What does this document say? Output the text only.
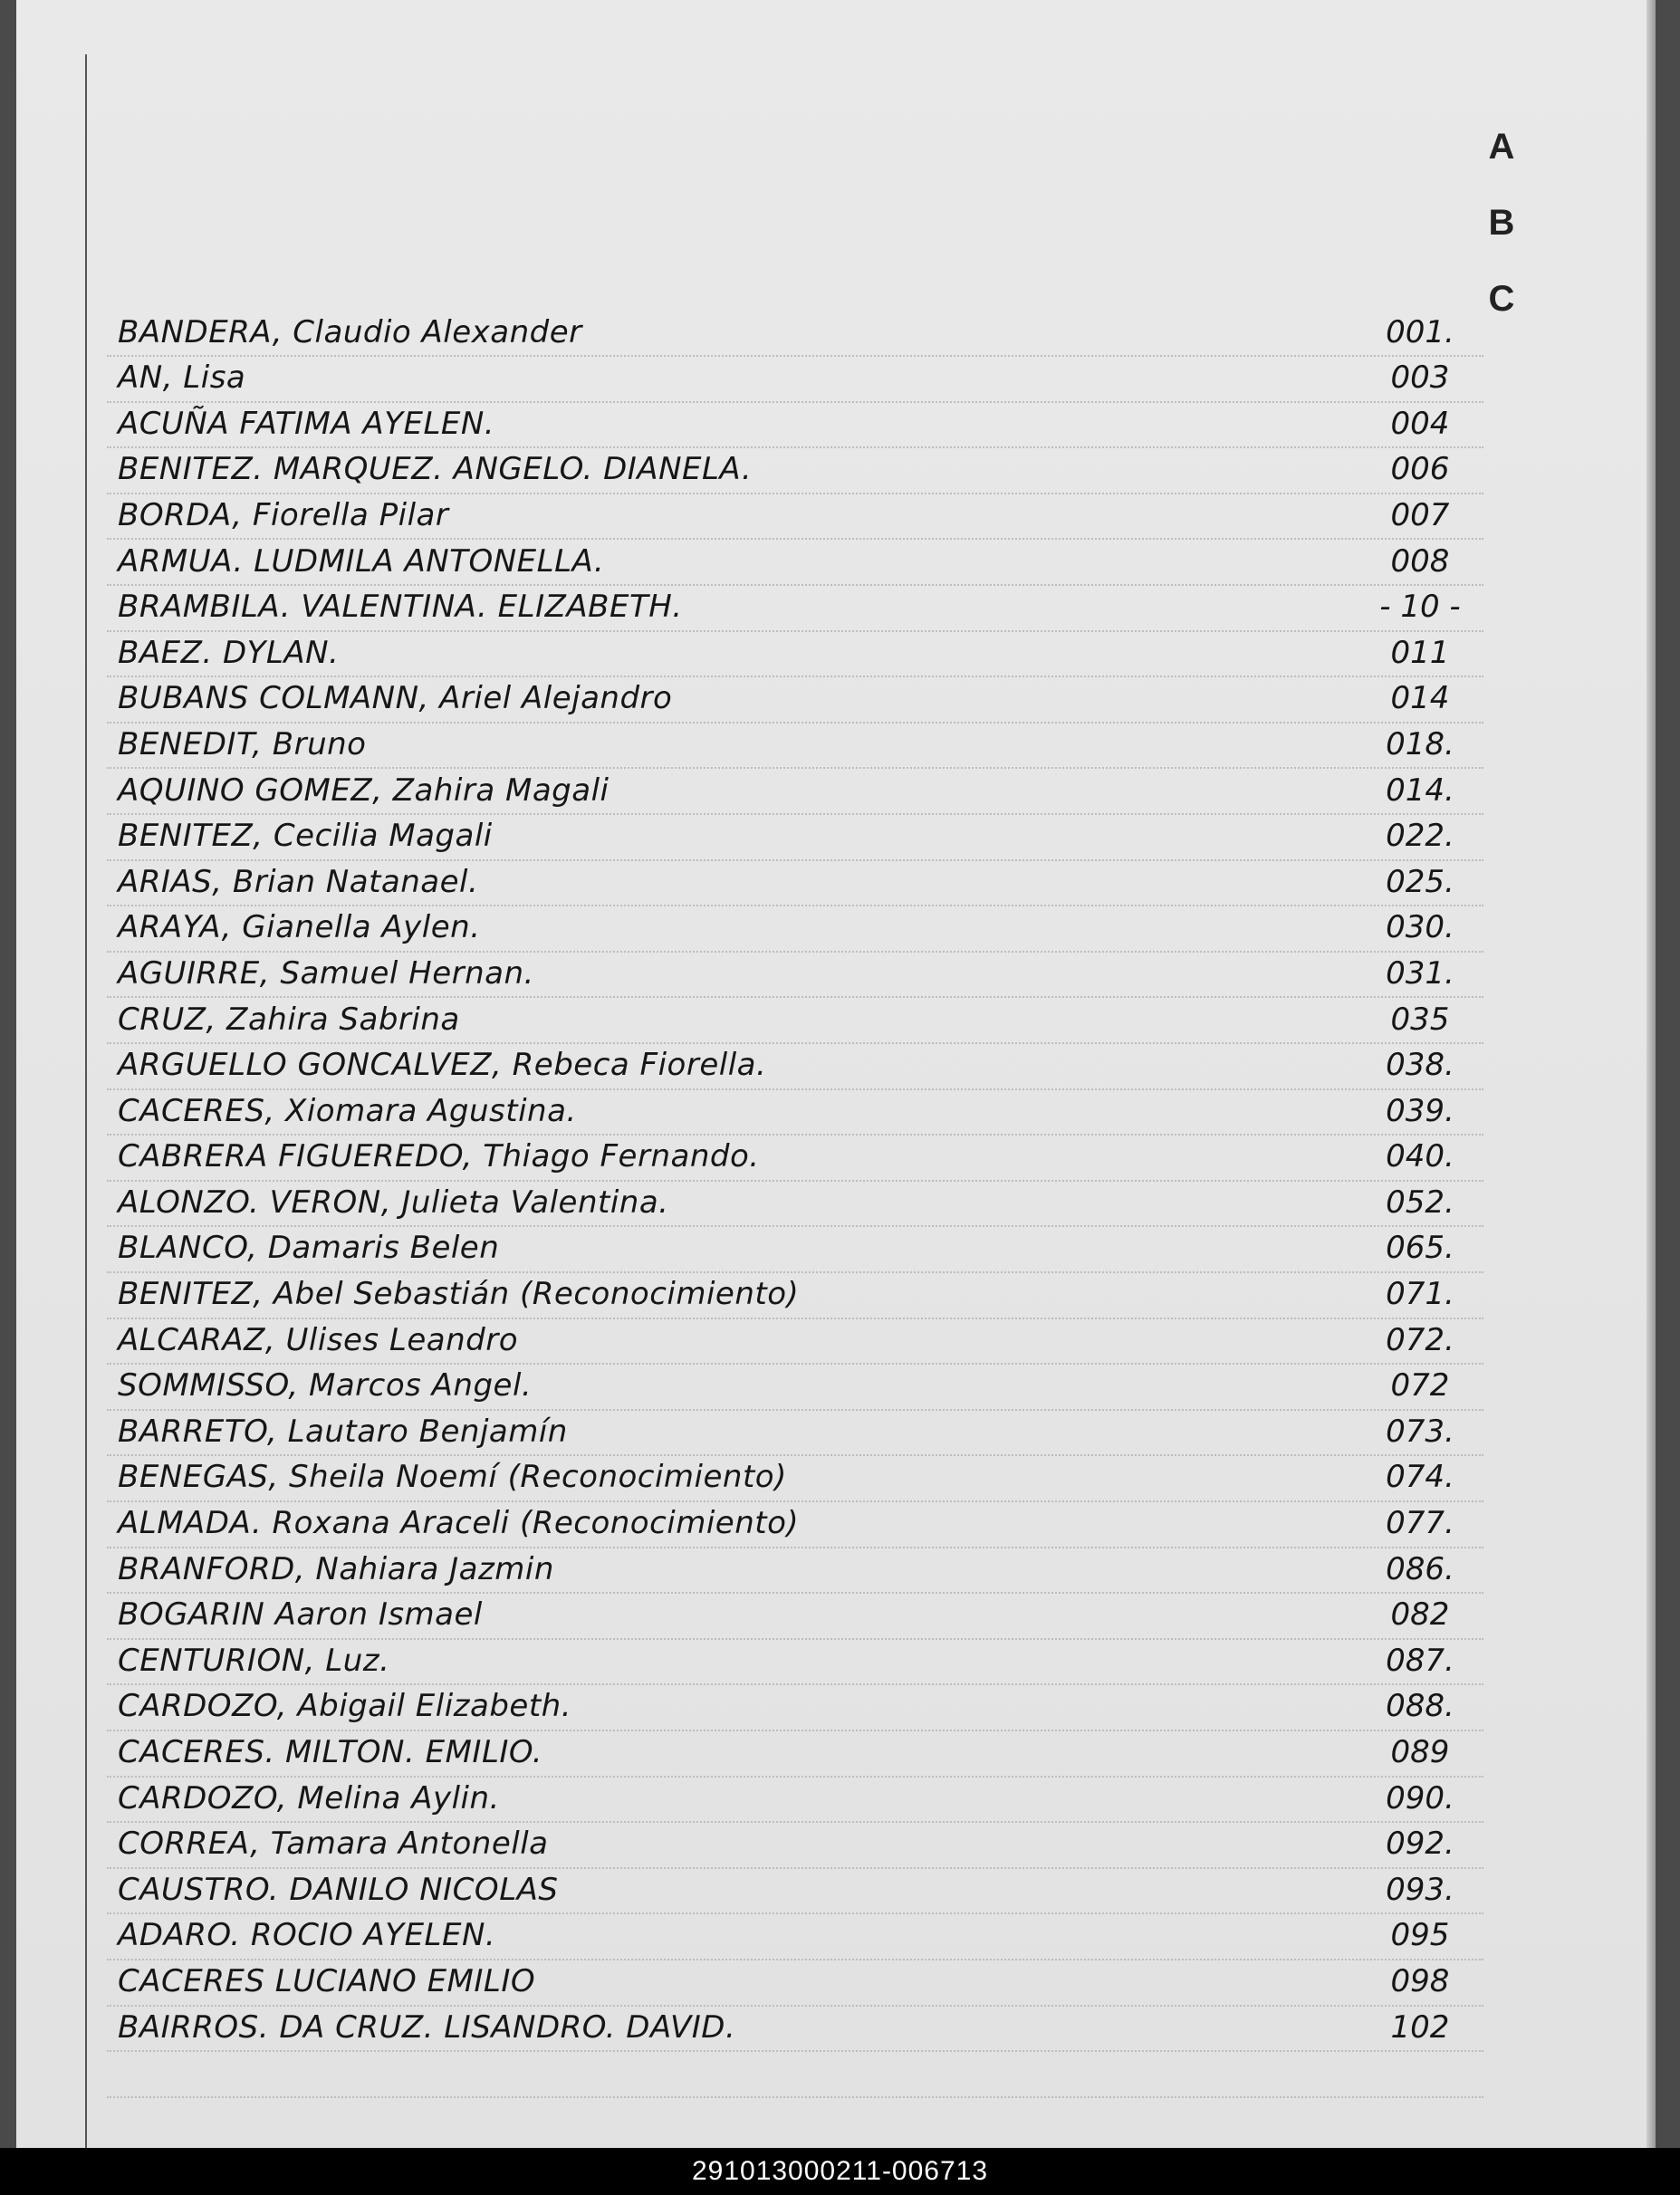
A
B
C
BANDERA, Claudio Alexander	001.
AN, Lisa	003
ACUÑA FATIMA AYELEN.	004
BENITEZ. MARQUEZ. ANGELO. DIANELA.	006
BORDA, Fiorella Pilar	007
ARMUA. LUDMILA ANTONELLA.	008
BRAMBILA. VALENTINA. ELIZABETH.	- 10 -
BAEZ. DYLAN.	011
BUBANS COLMANN, Ariel Alejandro	014
BENEDIT, Bruno	018.
AQUINO GOMEZ, Zahira Magali	014.
BENITEZ, Cecilia Magali	022.
ARIAS, Brian Natanael.	025.
ARAYA, Gianella Aylen.	030.
AGUIRRE, Samuel Hernan.	031.
CRUZ, Zahira Sabrina	035
ARGUELLO GONCALVEZ, Rebeca Fiorella.	038.
CACERES, Xiomara Agustina.	039.
CABRERA FIGUEREDO, Thiago Fernando.	040.
ALONZO. VERON, Julieta Valentina.	052.
BLANCO, Damaris Belen	065.
BENITEZ, Abel Sebastián (Reconocimiento)	071.
ALCARAZ, Ulises Leandro	072.
SOMMISSO, Marcos Angel.	072
BARRETO, Lautaro Benjamín	073.
BENEGAS, Sheila Noemí (Reconocimiento)	074.
ALMADA. Roxana Araceli (Reconocimiento)	077.
BRANFORD, Nahiara Jazmin	086.
BOGARIN Aaron Ismael	082
CENTURION, Luz.	087.
CARDOZO, Abigail Elizabeth.	088.
CACERES. MILTON. EMILIO.	089
CARDOZO, Melina Aylin.	090.
CORREA, Tamara Antonella	092.
CAUSTRO. DANILO NICOLAS	093.
ADARO. ROCIO AYELEN.	095
CACERES LUCIANO EMILIO	098
BAIRROS. DA CRUZ. LISANDRO. DAVID.	102
291013000211-006713
